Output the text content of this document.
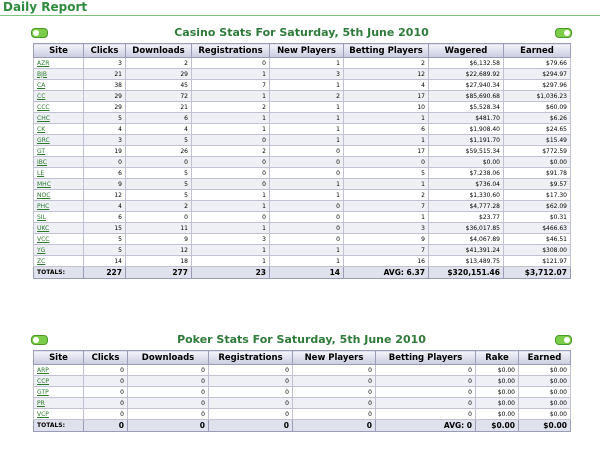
Daily Report
Casino Stats For Saturday, 5th June 2010
Site	Clicks	Downloads	Registrations	New Players	Betting Players	Wagered	Earned
AZR	3	2	0	1	2	$6,132.58	$79.66
BJB	21	29	1	3	12	$22,689.92	$294.97
CA	38	45	7	1	4	$27,940.34	$297.96
CC	29	72	1	2	17	$85,690.68	$1,036.23
CCC	29	21	2	1	10	$5,528.34	$60.09
CHC	5	6	1	1	1	$481.70	$6.26
CK	4	4	1	1	6	$1,908.40	$24.65
GRC	3	5	0	1	1	$1,191.70	$15.49
GT	19	26	2	0	17	$59,515.34	$772.59
IBC	0	0	0	0	0	$0.00	$0.00
LE	6	5	0	0	5	$7,238.06	$91.78
MHC	9	5	0	1	1	$736.04	$9.57
NOC	12	5	1	1	2	$1,330.60	$17.30
PHC	4	2	1	0	7	$4,777.28	$62.09
SIL	6	0	0	0	1	$23.77	$0.31
UKC	15	11	1	0	3	$36,017.85	$466.63
VCC	5	9	3	0	9	$4,067.89	$46.51
YG	5	12	1	1	7	$41,391.24	$308.00
ZC	14	18	1	1	16	$13,489.75	$121.97
TOTALS:	227	277	23	14	AVG: 6.37	$320,151.46	$3,712.07
Poker Stats For Saturday, 5th June 2010
Site	Clicks	Downloads	Registrations	New Players	Betting Players	Rake	Earned
ARP	0	0	0	0	0	$0.00	$0.00
CCP	0	0	0	0	0	$0.00	$0.00
GTP	0	0	0	0	0	$0.00	$0.00
PR	0	0	0	0	0	$0.00	$0.00
VCP	0	0	0	0	0	$0.00	$0.00
TOTALS:	0	0	0	0	AVG: 0	$0.00	$0.00
